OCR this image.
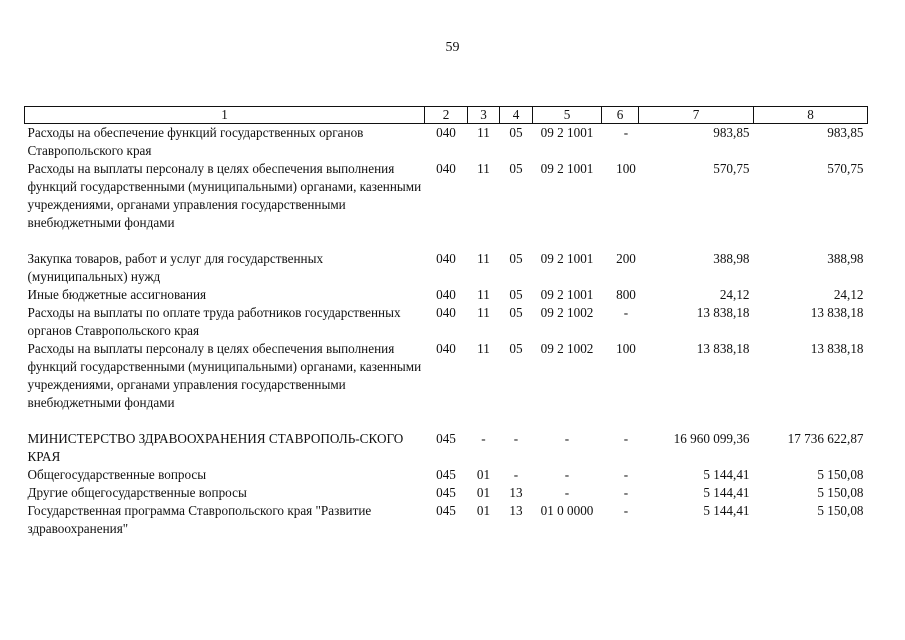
59
1	2	3	4	5	6	7	8
Расходы на обеспечение функций государственных органов Ставропольского края	040	11	05	09 2 1001	-	983,85	983,85
Расходы на выплаты персоналу в целях обеспечения выполнения функций государственными (муниципальными) органами, казенными учреждениями, органами управления государственными внебюджетными фондами	040	11	05	09 2 1001	100	570,75	570,75

Закупка товаров, работ и услуг для государственных (муниципальных) нужд	040	11	05	09 2 1001	200	388,98	388,98
Иные бюджетные ассигнования	040	11	05	09 2 1001	800	24,12	24,12
Расходы на выплаты по оплате труда работников государственных органов Ставропольского края	040	11	05	09 2 1002	-	13 838,18	13 838,18
Расходы на выплаты персоналу в целях обеспечения выполнения функций государственными (муниципальными) органами, казенными учреждениями, органами управления государственными внебюджетными фондами	040	11	05	09 2 1002	100	13 838,18	13 838,18

МИНИСТЕРСТВО ЗДРАВООХРАНЕНИЯ СТАВРОПОЛЬ-СКОГО КРАЯ	045	-	-	-	-	16 960 099,36	17 736 622,87
Общегосударственные вопросы	045	01	-	-	-	5 144,41	5 150,08
Другие общегосударственные вопросы	045	01	13	-	-	5 144,41	5 150,08
Государственная программа Ставропольского края "Развитие здравоохранения"	045	01	13	01 0 0000	-	5 144,41	5 150,08
